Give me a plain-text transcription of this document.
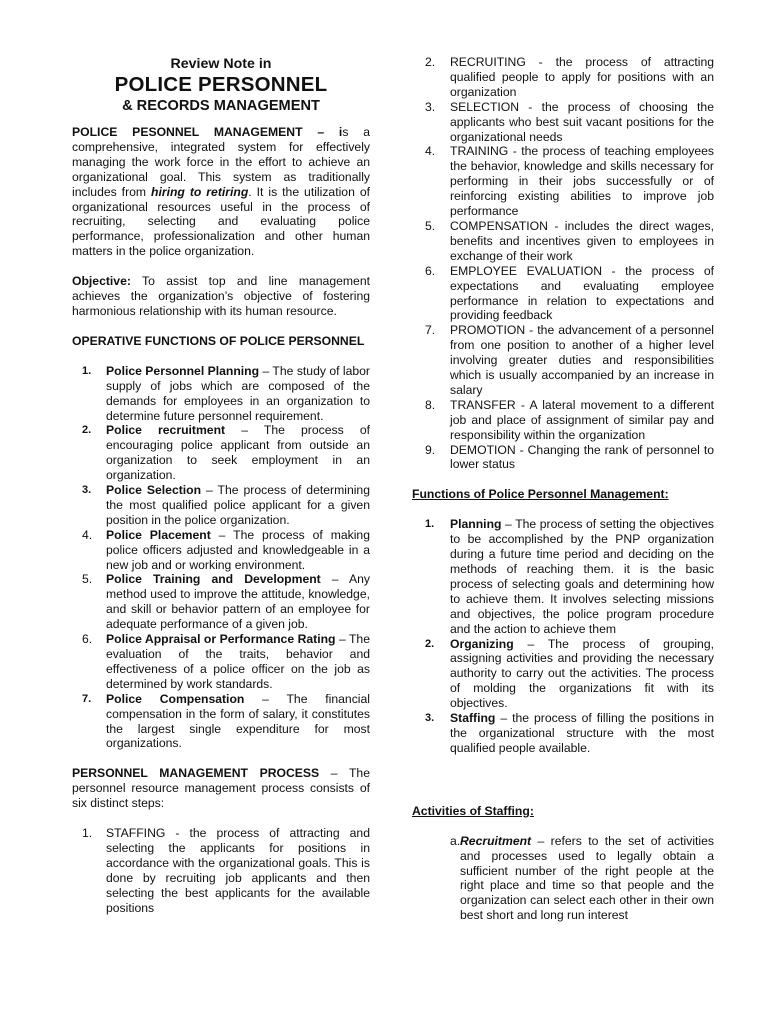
Review Note in
POLICE PERSONNEL
& RECORDS MANAGEMENT

POLICE PESONNEL MANAGEMENT – is a comprehensive, integrated system for effectively managing the work force in the effort to achieve an organizational goal. This system as traditionally includes from hiring to retiring. It is the utilization of organizational resources useful in the process of recruiting, selecting and evaluating police performance, professionalization and other human matters in the police organization.

Objective: To assist top and line management achieves the organization’s objective of fostering harmonious relationship with its human resource.

OPERATIVE FUNCTIONS OF POLICE PERSONNEL

1. Police Personnel Planning – The study of labor supply of jobs which are composed of the demands for employees in an organization to determine future personnel requirement.
2. Police recruitment – The process of encouraging police applicant from outside an organization to seek employment in an organization.
3. Police Selection – The process of determining the most qualified police applicant for a given position in the police organization.
4. Police Placement – The process of making police officers adjusted and knowledgeable in a new job and or working environment.
5. Police Training and Development – Any method used to improve the attitude, knowledge, and skill or behavior pattern of an employee for adequate performance of a given job.
6. Police Appraisal or Performance Rating – The evaluation of the traits, behavior and effectiveness of a police officer on the job as determined by work standards.
7. Police Compensation – The financial compensation in the form of salary, it constitutes the largest single expenditure for most organizations.

PERSONNEL MANAGEMENT PROCESS – The personnel resource management process consists of six distinct steps:

1. STAFFING - the process of attracting and selecting the applicants for positions in accordance with the organizational goals. This is done by recruiting job applicants and then selecting the best applicants for the available positions
2. RECRUITING - the process of attracting qualified people to apply for positions with an organization
3. SELECTION - the process of choosing the applicants who best suit vacant positions for the organizational needs
4. TRAINING - the process of teaching employees the behavior, knowledge and skills necessary for performing in their jobs successfully or of reinforcing existing abilities to improve job performance
5. COMPENSATION - includes the direct wages, benefits and incentives given to employees in exchange of their work
6. EMPLOYEE EVALUATION - the process of expectations and evaluating employee performance in relation to expectations and providing feedback
7. PROMOTION - the advancement of a personnel from one position to another of a higher level involving greater duties and responsibilities which is usually accompanied by an increase in salary
8. TRANSFER - A lateral movement to a different job and place of assignment of similar pay and responsibility within the organization
9. DEMOTION - Changing the rank of personnel to lower status

Functions of Police Personnel Management:

1. Planning – The process of setting the objectives to be accomplished by the PNP organization during a future time period and deciding on the methods of reaching them. it is the basic process of selecting goals and determining how to achieve them. It involves selecting missions and objectives, the police program procedure and the action to achieve them
2. Organizing – The process of grouping, assigning activities and providing the necessary authority to carry out the activities. The process of molding the organizations fit with its objectives.
3. Staffing – the process of filling the positions in the organizational structure with the most qualified people available.

Activities of Staffing:

a. Recruitment – refers to the set of activities and processes used to legally obtain a sufficient number of the right people at the right place and time so that people and the organization can select each other in their own best short and long run interest
